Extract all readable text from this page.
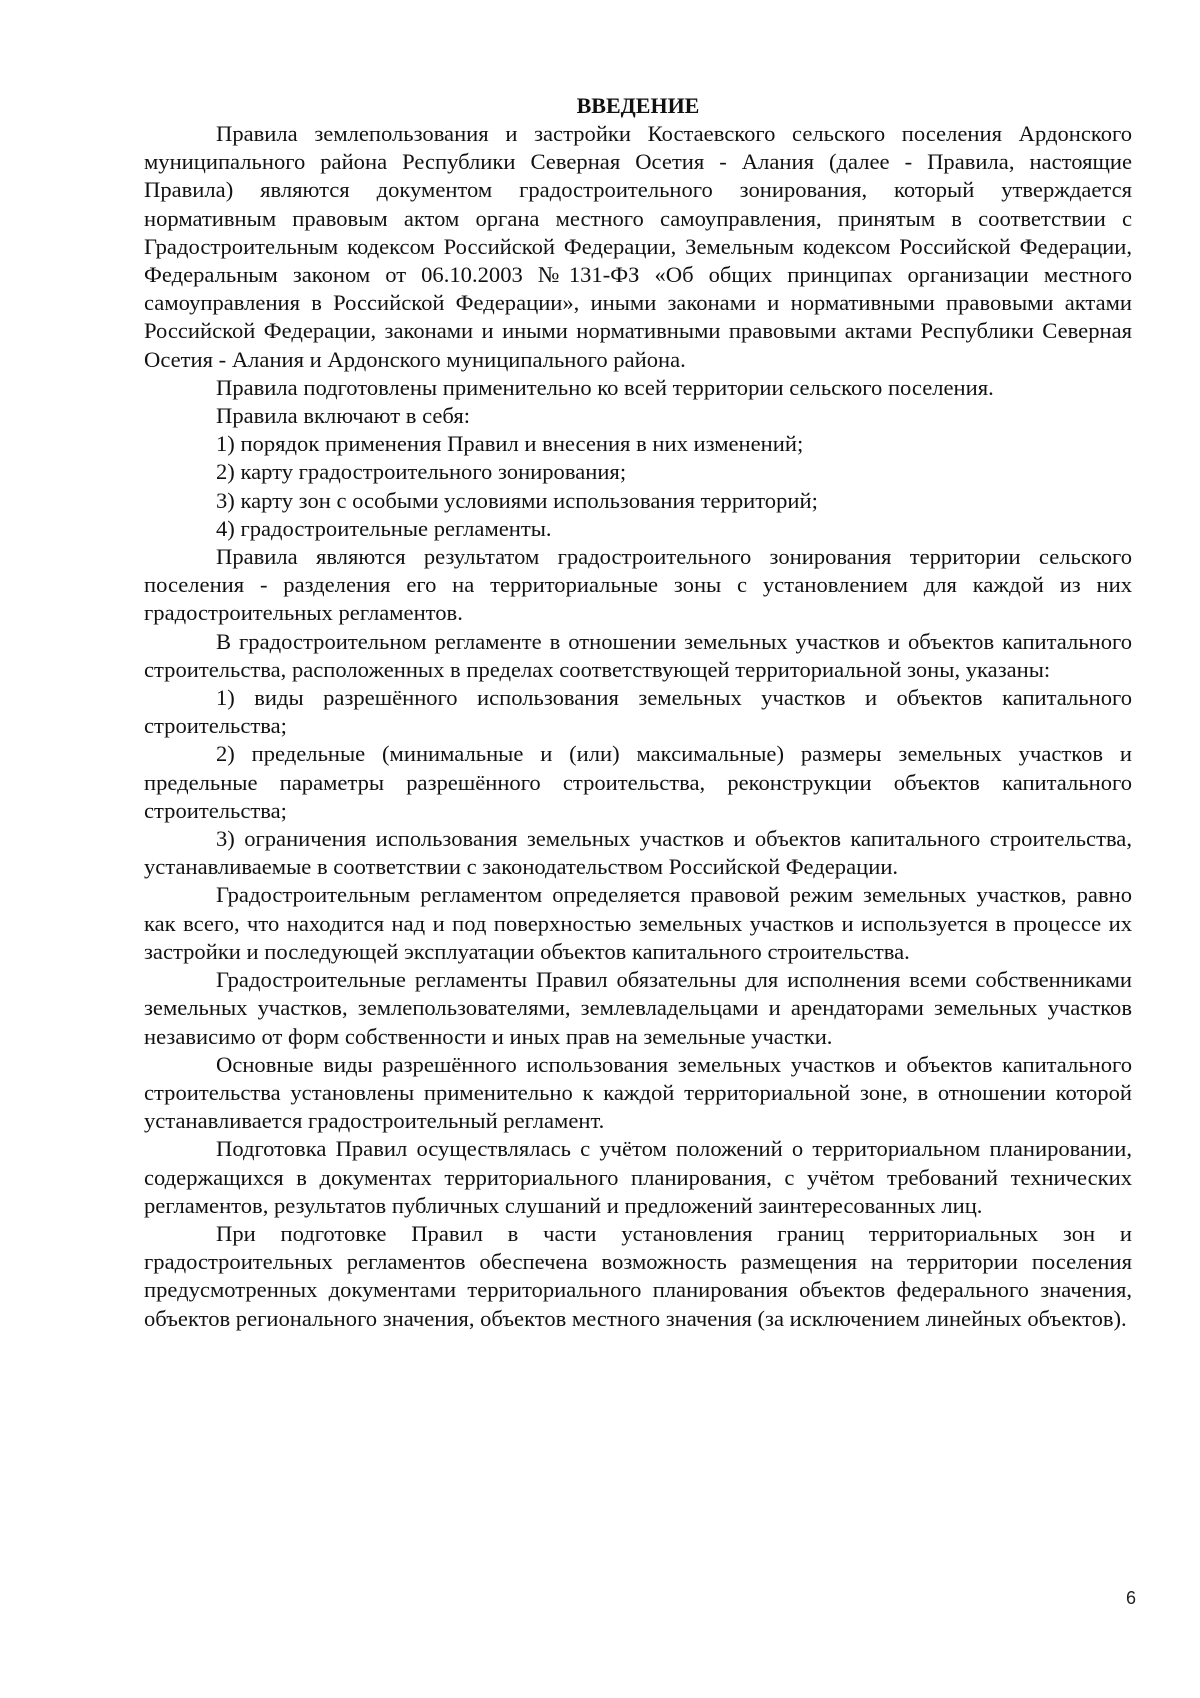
ВВЕДЕНИЕ

Правила землепользования и застройки Костаевского сельского поселения Ардонского муниципального района Республики Северная Осетия - Алания (далее - Правила, настоящие Правила) являются документом градостроительного зонирования, который утверждается нормативным правовым актом органа местного самоуправления, принятым в соответствии с Градостроительным кодексом Российской Федерации, Земельным кодексом Российской Федерации, Федеральным законом от 06.10.2003 №131-ФЗ «Об общих принципах организации местного самоуправления в Российской Федерации», иными законами и нормативными правовыми актами Российской Федерации, законами и иными нормативными правовыми актами Республики Северная Осетия - Алания и Ардонского муниципального района.

Правила подготовлены применительно ко всей территории сельского поселения.

Правила включают в себя:

1) порядок применения Правил и внесения в них изменений;

2) карту градостроительного зонирования;

3) карту зон с особыми условиями использования территорий;

4) градостроительные регламенты.

Правила являются результатом градостроительного зонирования территории сельского поселения - разделения его на территориальные зоны с установлением для каждой из них градостроительных регламентов.

В градостроительном регламенте в отношении земельных участков и объектов капитального строительства, расположенных в пределах соответствующей территориальной зоны, указаны:

1) виды разрешённого использования земельных участков и объектов капитального строительства;

2) предельные (минимальные и (или) максимальные) размеры земельных участков и предельные параметры разрешённого строительства, реконструкции объектов капитального строительства;

3) ограничения использования земельных участков и объектов капитального строительства, устанавливаемые в соответствии с законодательством Российской Федерации.

Градостроительным регламентом определяется правовой режим земельных участков, равно как всего, что находится над и под поверхностью земельных участков и используется в процессе их застройки и последующей эксплуатации объектов капитального строительства.

Градостроительные регламенты Правил обязательны для исполнения всеми собственниками земельных участков, землепользователями, землевладельцами и арендаторами земельных участков независимо от форм собственности и иных прав на земельные участки.

Основные виды разрешённого использования земельных участков и объектов капитального строительства установлены применительно к каждой территориальной зоне, в отношении которой устанавливается градостроительный регламент.

Подготовка Правил осуществлялась с учётом положений о территориальном планировании, содержащихся в документах территориального планирования, с учётом требований технических регламентов, результатов публичных слушаний и предложений заинтересованных лиц.

При подготовке Правил в части установления границ территориальных зон и градостроительных регламентов обеспечена возможность размещения на территории поселения предусмотренных документами территориального планирования объектов федерального значения, объектов регионального значения, объектов местного значения (за исключением линейных объектов).

6
